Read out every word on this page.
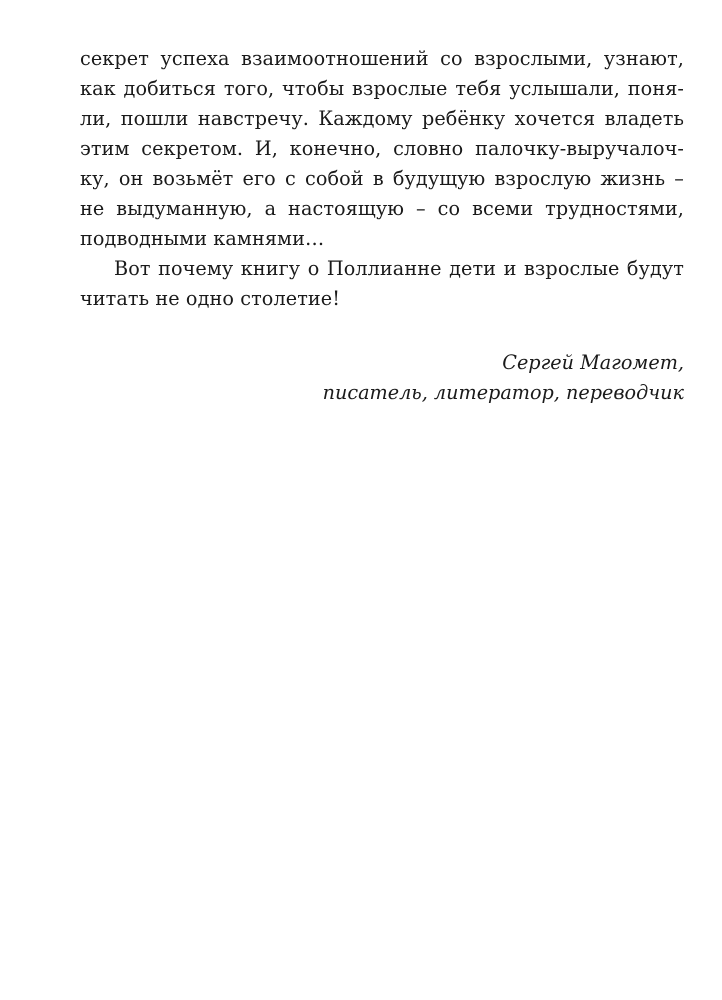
секрет успеха взаимоотношений со взрослыми, узнают,
как добиться того, чтобы взрослые тебя услышали, поня-
ли, пошли навстречу. Каждому ребёнку хочется владеть
этим секретом. И, конечно, словно палочку-выручалоч-
ку, он возьмёт его с собой в будущую взрослую жизнь –
не выдуманную, а настоящую – со всеми трудностями,
подводными камнями…
Вот почему книгу о Поллианне дети и взрослые будут
читать не одно столетие!
Сергей Магомет,
писатель, литератор, переводчик
